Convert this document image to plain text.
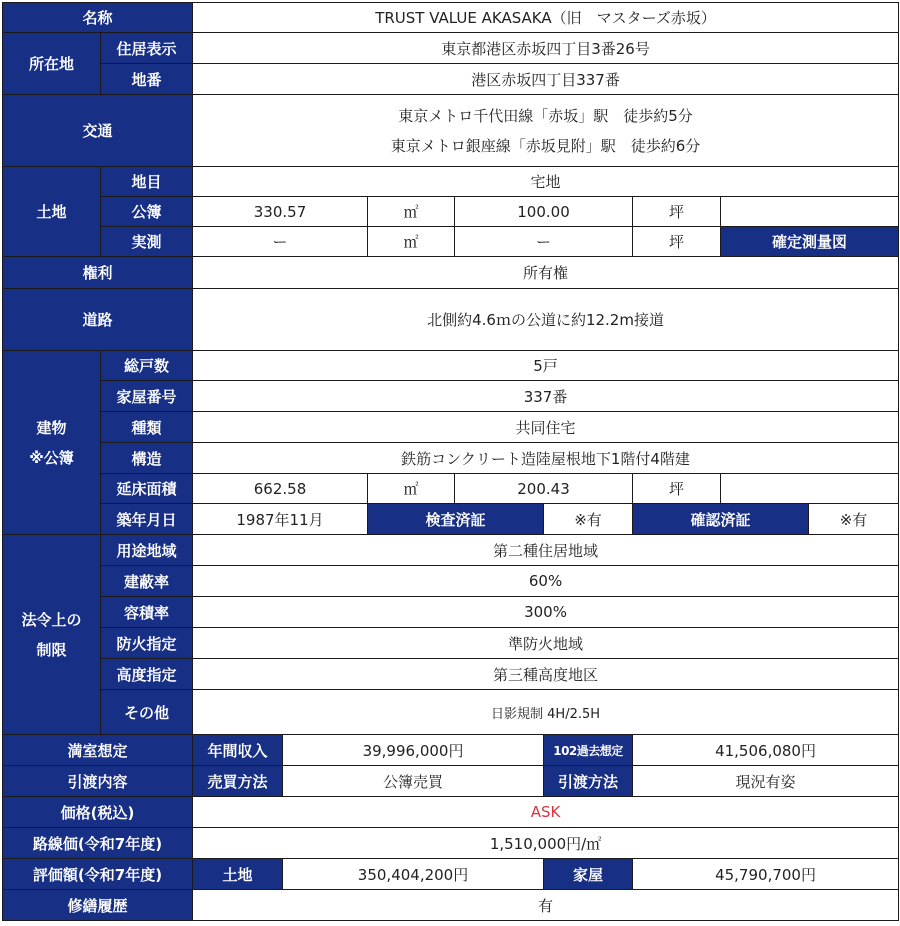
名称		TRUST VALUE AKASAKA（旧　マスターズ赤坂）								
所在地	住居表示	東京都港区赤坂四丁目3番26号								
	地番	港区赤坂四丁目337番								
交通		東京メトロ千代田線「赤坂」駅　徒歩約5分
東京メトロ銀座線「赤坂見附」駅　徒歩約6分								

土地	地目	宅地								
	公簿	330.57		㎡	100.00		坪			
	実測	ー		㎡	ー		坪	確定測量図	
権利		所有権								
道路		北側約4.6ｍの公道に約12.2m接道								

建物
※公簿	総戸数	5戸								
	家屋番号	337番								
	種類	共同住宅								
	構造	鉄筋コンクリート造陸屋根地下1階付4階建								
	延床面積	662.58		㎡	200.43		坪			
	築年月日	1987年11月		検査済証		※有	確認済証		※有	

法令上の
制限	用途地域	第二種住居地域								
	建蔽率	60%								
	容積率	300%								
	防火指定	準防火地域								
	高度指定	第三種高度地区								
	その他	日影規制 4H/2.5H								
満室想定		年間収入	39,996,000円			102過去想定	41,506,080円			
引渡内容		売買方法	公簿売買			引渡方法	現況有姿			
価格(税込)		ASK								
路線価(令和7年度)		1,510,000円/㎡								
評価額(令和7年度)		土地	350,404,200円			家屋	45,790,700円			
修繕履歴		有								
